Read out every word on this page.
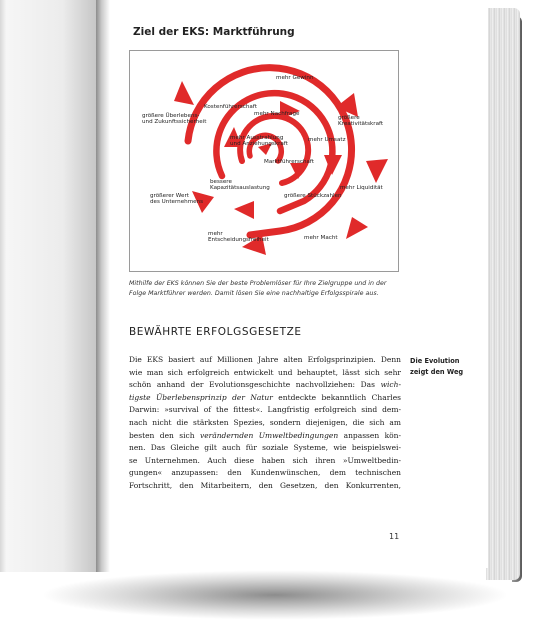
Ziel der EKS: Marktführung
mehr Gewinn
Kostenführerschaft
mehr Nachfrage
größere
Kreativitätskraft
größere Überlebens-
und Zukunftssicherheit
mehr Ausstrahlung
und Anziehungskraft
mehr Umsatz
Marktführerschaft
mehr Liquidität
bessere
Kapazitätsauslastung
größere Stückzahlen
größerer Wert
des Unternehmens
mehr
Entscheidungsfreiheit	mehr Macht
Mithilfe der EKS können Sie der beste Problemlöser für Ihre Zielgruppe und in der Folge Marktführer werden. Damit lösen Sie eine nachhaltige Erfolgsspirale aus.
BEWÄHRTE ERFOLGSGESETZE
Die EKS basiert auf Millionen Jahre alten Erfolgsprinzipien. Denn
wie man sich erfolgreich entwickelt und behauptet, lässt sich sehr
schön anhand der Evolutionsgeschichte nachvollziehen: Das wich-
tigste Überlebensprinzip der Natur entdeckte bekanntlich Charles
Darwin: »survival of the fittest«. Langfristig erfolgreich sind dem-
nach nicht die stärksten Spezies, sondern diejenigen, die sich am
besten den sich verändernden Umweltbedingungen anpassen kön-
nen. Das Gleiche gilt auch für soziale Systeme, wie beispielswei-
se Unternehmen. Auch diese haben sich ihren »Umweltbedin-
gungen« anzupassen: den Kundenwünschen, dem technischen
Fortschritt, den Mitarbeitern, den Gesetzen, den Konkurrenten,
Die Evolution zeigt den Weg
11
